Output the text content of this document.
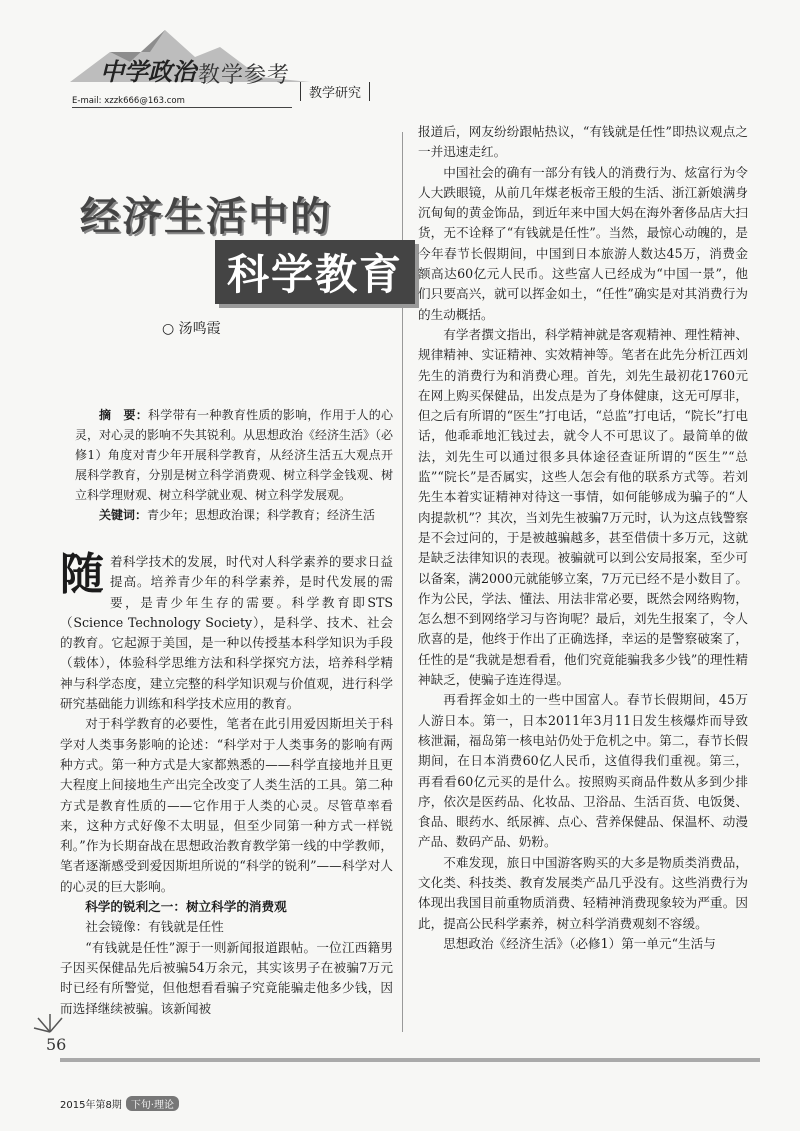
中学政治 教学参考
E-mail: xzzk666@163.com	教学研究
经济生活中的
科学教育
○ 汤鸣霞

摘　要：科学带有一种教育性质的影响，作用于人的心灵，对心灵的影响不失其锐利。从思想政治《经济生活》（必修1）角度对青少年开展科学教育，从经济生活五大观点开展科学教育，分别是树立科学消费观、树立科学金钱观、树立科学理财观、树立科学就业观、树立科学发展观。

关键词：青少年；思想政治课；科学教育；经济生活

随着科学技术的发展，时代对人科学素养的要求日益提高。培养青少年的科学素养，是时代发展的需要，是青少年生存的需要。科学教育即STS（Science Technology Society），是科学、技术、社会的教育。它起源于美国，是一种以传授基本科学知识为手段（载体），体验科学思维方法和科学探究方法，培养科学精神与科学态度，建立完整的科学知识观与价值观，进行科学研究基础能力训练和科学技术应用的教育。

对于科学教育的必要性，笔者在此引用爱因斯坦关于科学对人类事务影响的论述：“科学对于人类事务的影响有两种方式。第一种方式是大家都熟悉的——科学直接地并且更大程度上间接地生产出完全改变了人类生活的工具。第二种方式是教育性质的——它作用于人类的心灵。尽管草率看来，这种方式好像不太明显，但至少同第一种方式一样锐利。”作为长期奋战在思想政治教育教学第一线的中学教师，笔者逐渐感受到爱因斯坦所说的“科学的锐利”——科学对人的心灵的巨大影响。

科学的锐利之一：树立科学的消费观

社会镜像：有钱就是任性

“有钱就是任性”源于一则新闻报道跟帖。一位江西籍男子因买保健品先后被骗54万余元，其实该男子在被骗7万元时已经有所警觉，但他想看看骗子究竟能骗走他多少钱，因而选择继续被骗。该新闻被

报道后，网友纷纷跟帖热议，“有钱就是任性”即热议观点之一并迅速走红。

中国社会的确有一部分有钱人的消费行为、炫富行为令人大跌眼镜，从前几年煤老板帝王般的生活、浙江新娘满身沉甸甸的黄金饰品，到近年来中国大妈在海外奢侈品店大扫货，无不诠释了“有钱就是任性”。当然，最惊心动魄的，是今年春节长假期间，中国到日本旅游人数达45万，消费金额高达60亿元人民币。这些富人已经成为“中国一景”，他们只要高兴，就可以挥金如土，“任性”确实是对其消费行为的生动概括。

有学者撰文指出，科学精神就是客观精神、理性精神、规律精神、实证精神、实效精神等。笔者在此先分析江西刘先生的消费行为和消费心理。首先，刘先生最初花1760元在网上购买保健品，出发点是为了身体健康，这无可厚非，但之后有所谓的“医生”打电话，“总监”打电话，“院长”打电话，他乖乖地汇钱过去，就令人不可思议了。最简单的做法，刘先生可以通过很多具体途径查证所谓的“医生”“总监”“院长”是否属实，这些人怎会有他的联系方式等。若刘先生本着实证精神对待这一事情，如何能够成为骗子的“人肉提款机”？其次，当刘先生被骗7万元时，认为这点钱警察是不会过问的，于是被越骗越多，甚至借债十多万元，这就是缺乏法律知识的表现。被骗就可以到公安局报案，至少可以备案，满2000元就能够立案，7万元已经不是小数目了。作为公民，学法、懂法、用法非常必要，既然会网络购物，怎么想不到网络学习与咨询呢？最后，刘先生报案了，令人欣喜的是，他终于作出了正确选择，幸运的是警察破案了，任性的是“我就是想看看，他们究竟能骗我多少钱”的理性精神缺乏，使骗子连连得逞。

再看挥金如土的一些中国富人。春节长假期间，45万人游日本。第一，日本2011年3月11日发生核爆炸而导致核泄漏，福岛第一核电站仍处于危机之中。第二，春节长假期间，在日本消费60亿人民币，这值得我们重视。第三，再看看60亿元买的是什么。按照购买商品件数从多到少排序，依次是医药品、化妆品、卫浴品、生活百货、电饭煲、食品、眼药水、纸尿裤、点心、营养保健品、保温杯、动漫产品、数码产品、奶粉。

不难发现，旅日中国游客购买的大多是物质类消费品，文化类、科技类、教育发展类产品几乎没有。这些消费行为体现出我国目前重物质消费、轻精神消费现象较为严重。因此，提高公民科学素养，树立科学消费观刻不容缓。

思想政治《经济生活》（必修1）第一单元“生活与

56
2015年第8期 下旬·理论
